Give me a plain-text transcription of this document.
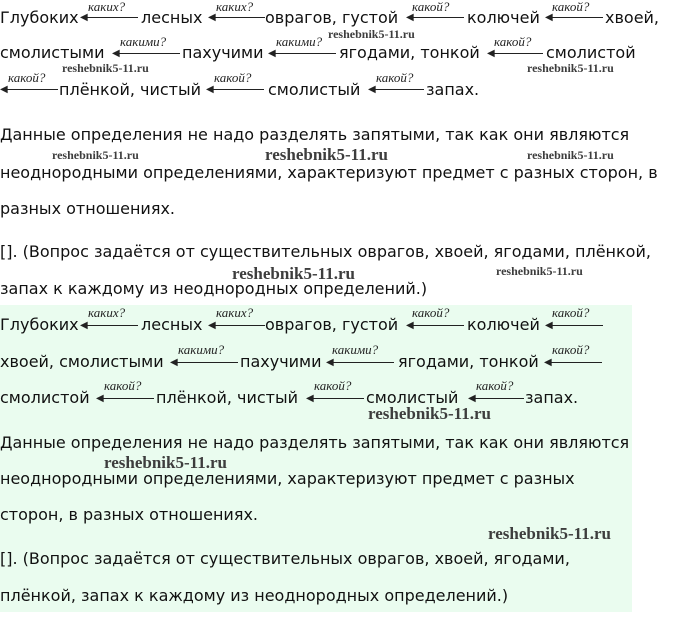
Глубоких
каких?
◀	лесных
каких?
◀	оврагов, густой
какой?
◀	колючей
какой?
◀	хвоей,
смолистыми
какими?
◀	пахучими
какими?
◀	ягодами, тонкой
какой?
◀	смолистой
какой?
◀	плёнкой, чистый
какой?
◀	смолистый
какой?
◀	запах.
Данные определения не надо разделять запятыми, так как они являются
неоднородными определениями, характеризуют предмет с разных сторон, в
разных отношениях.
[]. (Вопрос задаётся от существительных оврагов, хвоей, ягодами, плёнкой,
запах к каждому из неоднородных определений.)
Глубоких
каких?
◀	лесных
каких?
◀	оврагов, густой
какой?
◀	колючей
какой?
◀
хвоей, смолистыми
какими?
◀	пахучими
какими?
◀	ягодами, тонкой
какой?
◀
смолистой
какой?
◀	плёнкой, чистый
какой?
◀	смолистый
какой?
◀	запах.
Данные определения не надо разделять запятыми, так как они являются
неоднородными определениями, характеризуют предмет с разных
сторон, в разных отношениях.
[]. (Вопрос задаётся от существительных оврагов, хвоей, ягодами,
плёнкой, запах к каждому из неоднородных определений.)
reshebnik5-11.ru
reshebnik5-11.ru	reshebnik5-11.ru
reshebnik5-11.ru	reshebnik5-11.ru	reshebnik5-11.ru
reshebnik5-11.ru	reshebnik5-11.ru
reshebnik5-11.ru
reshebnik5-11.ru
reshebnik5-11.ru
